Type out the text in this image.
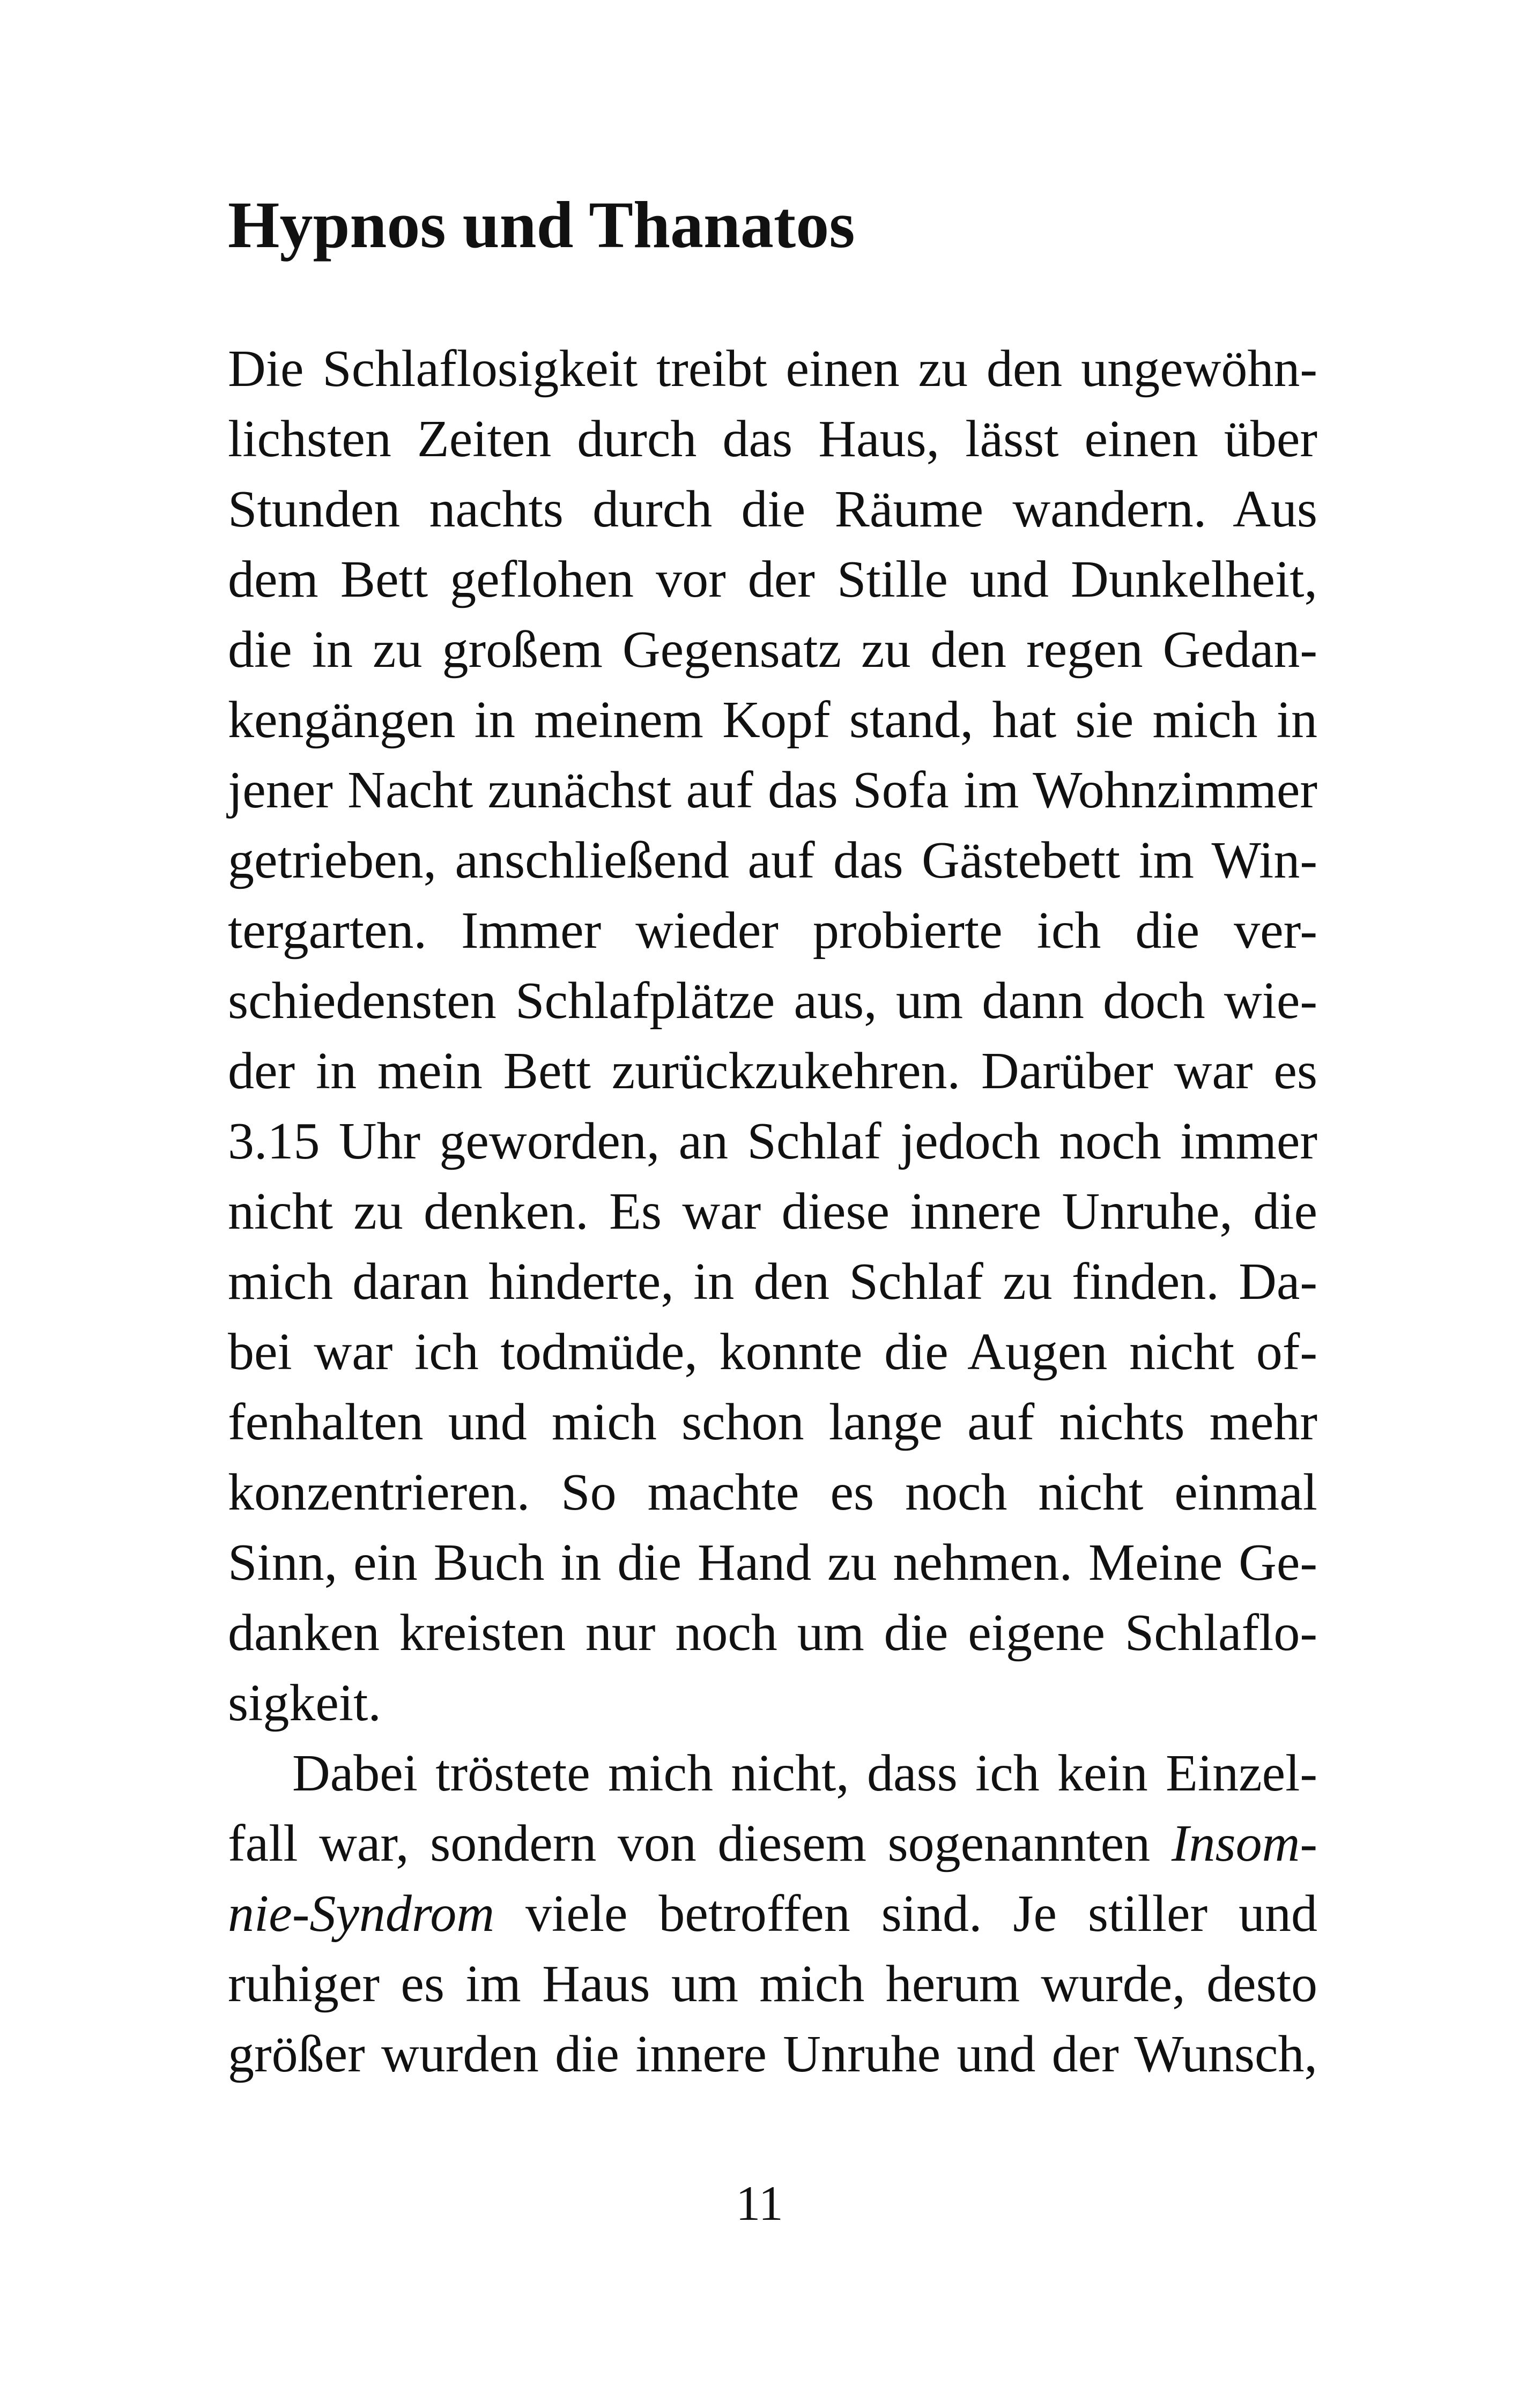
Hypnos und Thanatos
Die Schlaflosigkeit treibt einen zu den ungewöhn-
lichsten Zeiten durch das Haus, lässt einen über
Stunden nachts durch die Räume wandern. Aus
dem Bett geflohen vor der Stille und Dunkelheit,
die in zu großem Gegensatz zu den regen Gedan-
kengängen in meinem Kopf stand, hat sie mich in
jener Nacht zunächst auf das Sofa im Wohnzimmer
getrieben, anschließend auf das Gästebett im Win-
tergarten. Immer wieder probierte ich die ver-
schiedensten Schlafplätze aus, um dann doch wie-
der in mein Bett zurückzukehren. Darüber war es
3.15 Uhr geworden, an Schlaf jedoch noch immer
nicht zu denken. Es war diese innere Unruhe, die
mich daran hinderte, in den Schlaf zu finden. Da-
bei war ich todmüde, konnte die Augen nicht of-
fenhalten und mich schon lange auf nichts mehr
konzentrieren. So machte es noch nicht einmal
Sinn, ein Buch in die Hand zu nehmen. Meine Ge-
danken kreisten nur noch um die eigene Schlaflo-
sigkeit.
Dabei tröstete mich nicht, dass ich kein Einzel-
fall war, sondern von diesem sogenannten Insom-
nie-Syndrom viele betroffen sind. Je stiller und
ruhiger es im Haus um mich herum wurde, desto
größer wurden die innere Unruhe und der Wunsch,
11
